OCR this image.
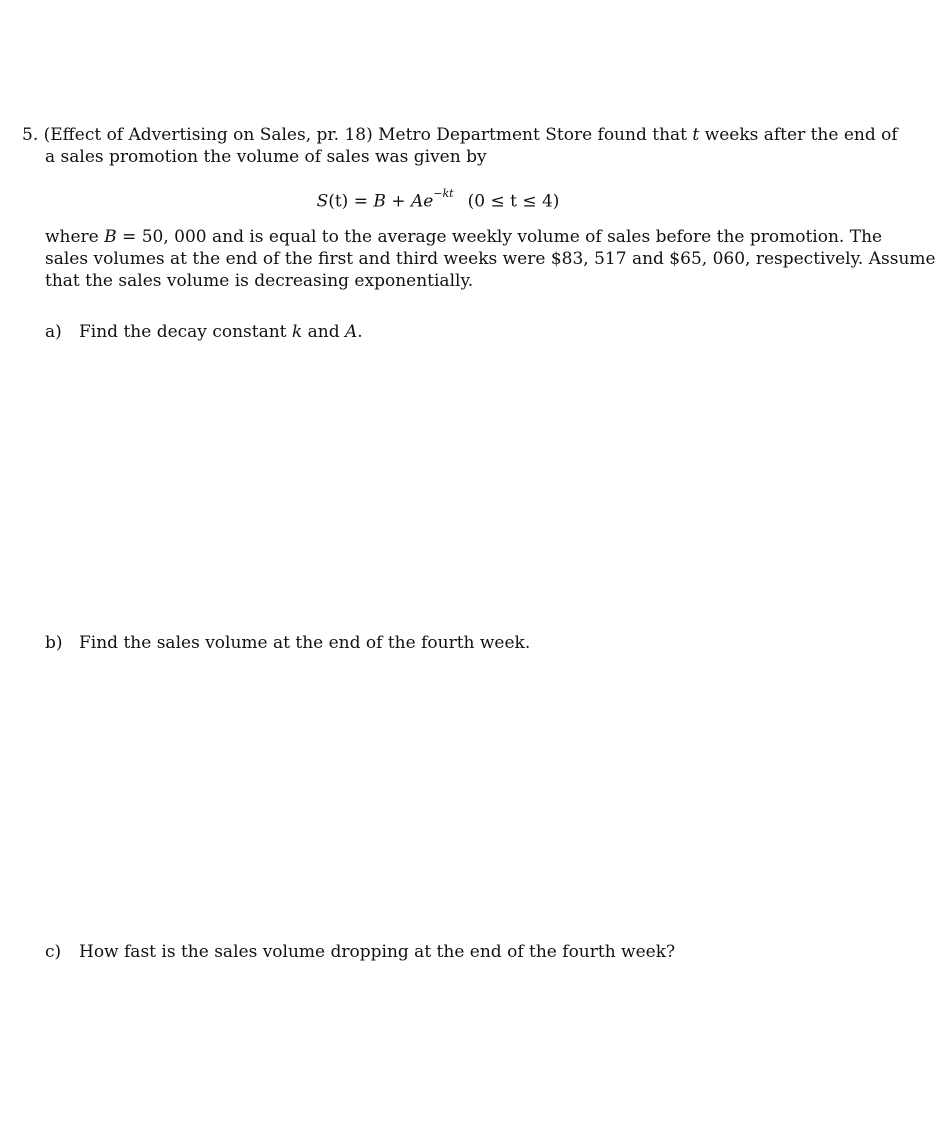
5. (Effect of Advertising on Sales, pr. 18) Metro Department Store found that t weeks after the end of
a sales promotion the volume of sales was given by
$S(t) = B + Ae^{-kt}$ (0 ≤ t ≤ 4)
where B = 50, 000 and is equal to the average weekly volume of sales before the promotion. The
sales volumes at the end of the first and third weeks were $83, 517 and $65, 060, respectively. Assume
that the sales volume is decreasing exponentially.
a) Find the decay constant k and A.
b) Find the sales volume at the end of the fourth week.
c) How fast is the sales volume dropping at the end of the fourth week?
